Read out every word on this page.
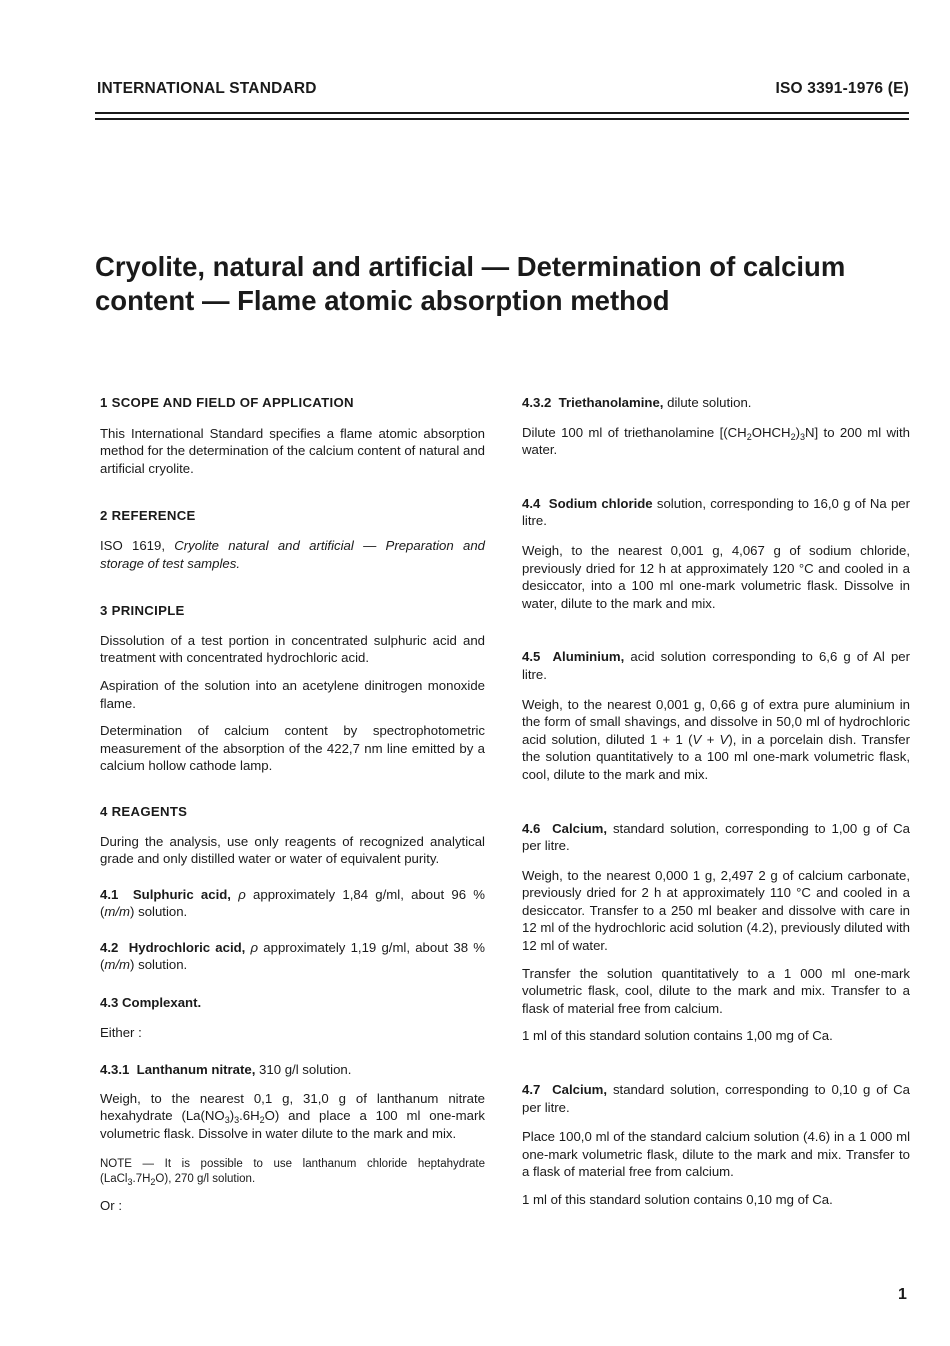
INTERNATIONAL STANDARD	ISO 3391-1976 (E)
Cryolite, natural and artificial — Determination of calcium
content — Flame atomic absorption method

1 SCOPE AND FIELD OF APPLICATION

This International Standard specifies a flame atomic absorption method for the determination of the calcium content of natural and artificial cryolite.

2 REFERENCE

ISO 1619, Cryolite natural and artificial — Preparation and storage of test samples.

3 PRINCIPLE

Dissolution of a test portion in concentrated sulphuric acid and treatment with concentrated hydrochloric acid.

Aspiration of the solution into an acetylene dinitrogen monoxide flame.

Determination of calcium content by spectrophotometric measurement of the absorption of the 422,7 nm line emitted by a calcium hollow cathode lamp.

4 REAGENTS

During the analysis, use only reagents of recognized analytical grade and only distilled water or water of equivalent purity.

4.1 Sulphuric acid, ρ approximately 1,84 g/ml, about 96 % (m/m) solution.

4.2 Hydrochloric acid, ρ approximately 1,19 g/ml, about 38 % (m/m) solution.

4.3 Complexant.

Either :

4.3.1 Lanthanum nitrate, 310 g/l solution.

Weigh, to the nearest 0,1 g, 31,0 g of lanthanum nitrate hexahydrate $(La(NO_3)_3.6H_2O)$ and place a 100 ml one-mark volumetric flask. Dissolve in water dilute to the mark and mix.

NOTE — It is possible to use lanthanum chloride heptahydrate $(LaCl_3.7H_2O)$, 270 g/l solution.

Or :

4.3.2 Triethanolamine, dilute solution.

Dilute 100 ml of triethanolamine $[(CH_2OHCH_2)_3N]$ to 200 ml with water.

4.4 Sodium chloride solution, corresponding to 16,0 g of Na per litre.

Weigh, to the nearest 0,001 g, 4,067 g of sodium chloride, previously dried for 12 h at approximately 120 °C and cooled in a desiccator, into a 100 ml one-mark volumetric flask. Dissolve in water, dilute to the mark and mix.

4.5 Aluminium, acid solution corresponding to 6,6 g of Al per litre.

Weigh, to the nearest 0,001 g, 0,66 g of extra pure aluminium in the form of small shavings, and dissolve in 50,0 ml of hydrochloric acid solution, diluted 1 + 1 (V + V), in a porcelain dish. Transfer the solution quantitatively to a 100 ml one-mark volumetric flask, cool, dilute to the mark and mix.

4.6 Calcium, standard solution, corresponding to 1,00 g of Ca per litre.

Weigh, to the nearest 0,000 1 g, 2,497 2 g of calcium carbonate, previously dried for 2 h at approximately 110 °C and cooled in a desiccator. Transfer to a 250 ml beaker and dissolve with care in 12 ml of the hydrochloric acid solution (4.2), previously diluted with 12 ml of water.

Transfer the solution quantitatively to a 1 000 ml one-mark volumetric flask, cool, dilute to the mark and mix. Transfer to a flask of material free from calcium.

1 ml of this standard solution contains 1,00 mg of Ca.

4.7 Calcium, standard solution, corresponding to 0,10 g of Ca per litre.

Place 100,0 ml of the standard calcium solution (4.6) in a 1 000 ml one-mark volumetric flask, dilute to the mark and mix. Transfer to a flask of material free from calcium.

1 ml of this standard solution contains 0,10 mg of Ca.

1
